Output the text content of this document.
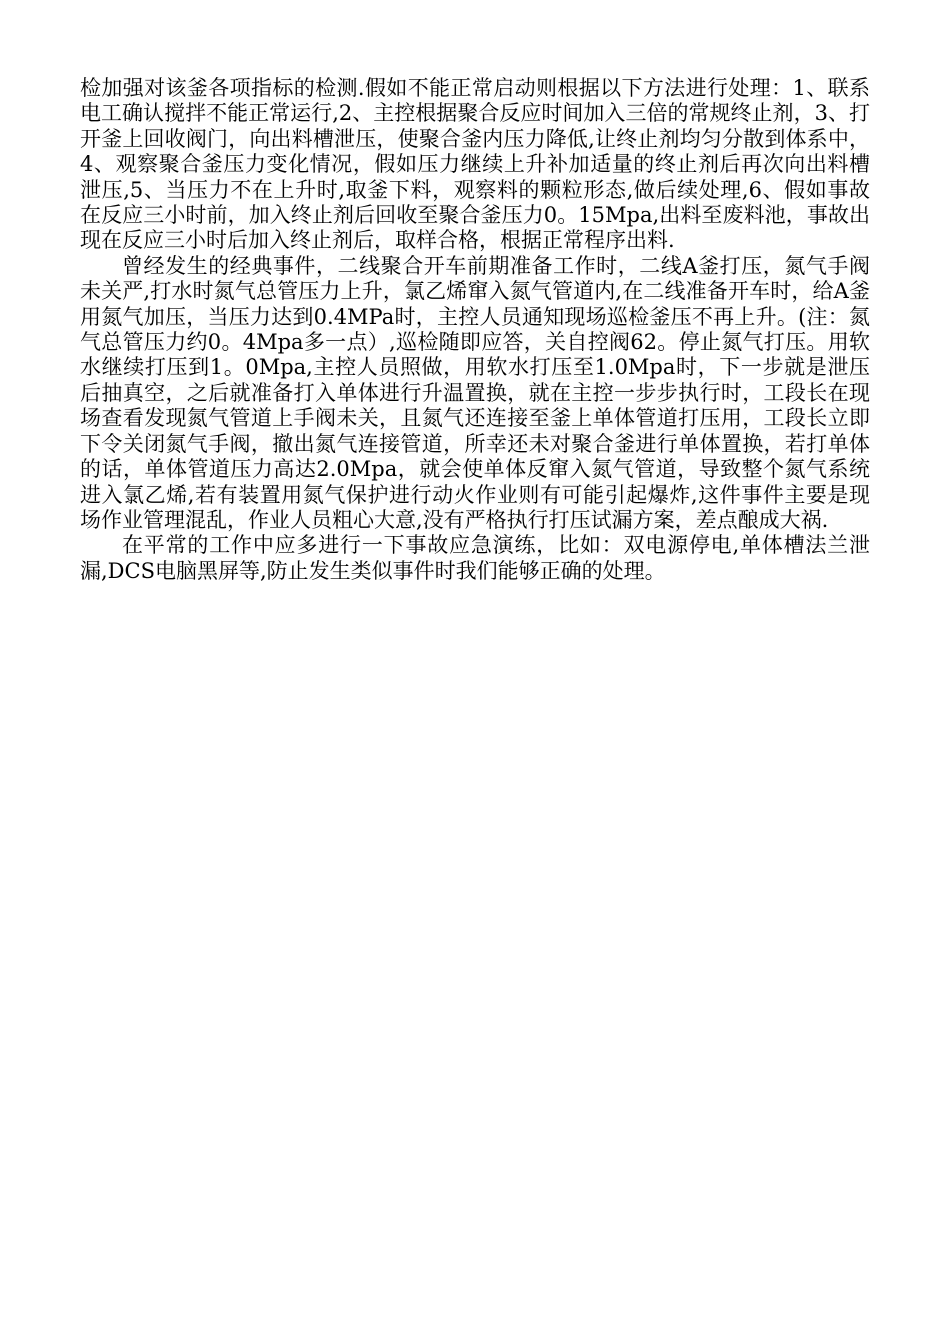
检加强对该釜各项指标的检测.假如不能正常启动则根据以下方法进行处理：1、联系电工确认搅拌不能正常运行,2、主控根据聚合反应时间加入三倍的常规终止剂，3、打开釜上回收阀门，向出料槽泄压，使聚合釜内压力降低,让终止剂均匀分散到体系中，4、观察聚合釜压力变化情况，假如压力继续上升补加适量的终止剂后再次向出料槽泄压,5、当压力不在上升时,取釜下料，观察料的颗粒形态,做后续处理,6、假如事故 在反应三小时前，加入终止剂后回收至聚合釜压力0。15Mpa,出料至废料池，事故出现在反应三小时后加入终止剂后，取样合格，根据正常程序出料.

曾经发生的经典事件，二线聚合开车前期准备工作时，二线A釜打压，氮气手阀未关严,打水时氮气总管压力上升，氯乙烯窜入氮气管道内,在二线准备开车时，给A釜用氮气加压，当压力达到0.4MPa时，主控人员通知现场巡检釜压不再上升。(注：氮气总管压力约0。4Mpa多一点）,巡检随即应答，关自控阀62。停止氮气打压。用软水继续打压到1。0Mpa,主控人员照做，用软水打压至1.0Mpa时，下一步就是泄压后抽真空，之后就准备打入单体进行升温置换，就在主控一步步执行时，工段长在现场查看发现氮气管道上手阀未关，且氮气还连接至釜上单体管道打压用，工段长立即下令关闭氮气手阀，撤出氮气连接管道，所幸还未对聚合釜进行单体置换，若打单体的话，单体管道压力高达2.0Mpa，就会使单体反窜入氮气管道，导致整个氮气系统进入氯乙烯,若有装置用氮气保护进行动火作业则有可能引起爆炸,这件事件主要是现场作业管理混乱，作业人员粗心大意,没有严格执行打压试漏方案，差点酿成大祸.

在平常的工作中应多进行一下事故应急演练，比如：双电源停电,单体槽法兰泄漏,DCS电脑黑屏等,防止发生类似事件时我们能够正确的处理。
